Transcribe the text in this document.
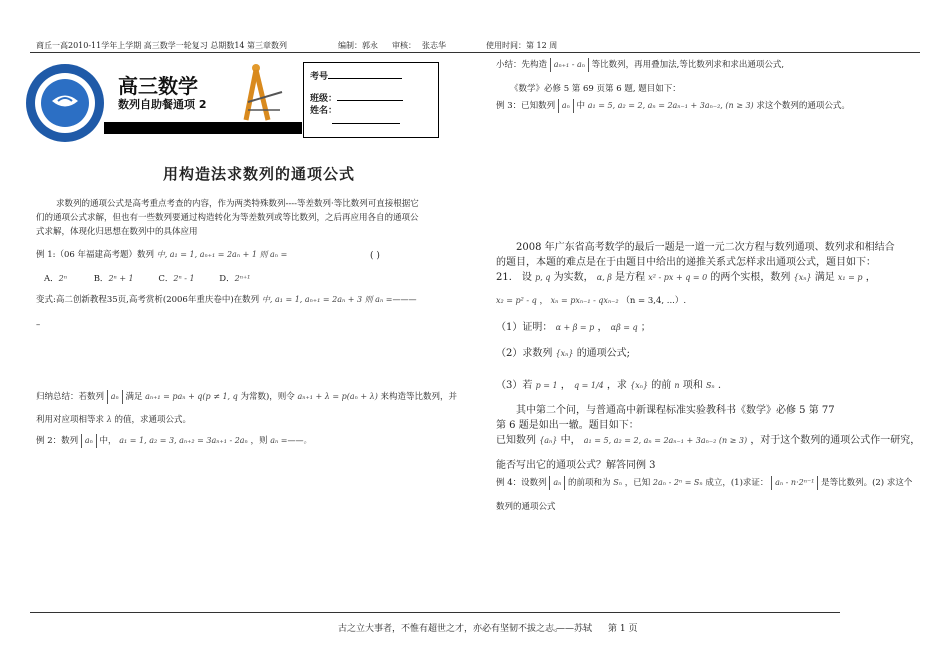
商丘一高2010-11学年上学期 高三数学一轮复习 总期数14 第三章数列	编制：郭永 审核： 张志华	使用时间：第 12 周
高三数学
数列自助餐通项 2
考号
班级：
姓名：
用构造法求数列的通项公式
求数列的通项公式是高考重点考查的内容，作为两类特殊数列----等差数列·等比数列可直接根据它
们的通项公式求解，但也有一些数列要通过构造转化为等差数列或等比数列，之后再应用各自的通项公
式求解，体现化归思想在数列中的具体应用
例 1:（06 年福建高考题）数列 中, a₁ = 1, aₙ₊₁ = 2aₙ + 1 则 aₙ =	( )
A．2ⁿ	B．2ⁿ + 1	C．2ⁿ - 1	D．2ⁿ⁺¹
变式:高二创新教程35页,高考赏析(2006年重庆卷中)在数列 中, a₁ = 1, aₙ₊₁ = 2aₙ + 3 则 aₙ =———
–
归纳总结：若数列 aₙ 满足 aₙ₊₁ = paₙ + q(p ≠ 1, q 为常数)，则令 aₙ₊₁ + λ = p(aₙ + λ) 来构造等比数列，并
利用对应项相等求 λ 的值，求通项公式。
例 2：数列 aₙ 中， a₁ = 1, a₂ = 3, aₙ₊₂ = 3aₙ₊₁ - 2aₙ ，则 aₙ =——。
小结：先构造 aₙ₊₁ - aₙ 等比数列，再用叠加法,等比数列求和求出通项公式,
《数学》必修 5 第 69 页第 6 题, 题目如下：
例 3：已知数列 aₙ 中 a₁ = 5, a₂ = 2, aₙ = 2aₙ₋₁ + 3aₙ₋₂, (n ≥ 3) 求这个数列的通项公式。
2008 年广东省高考数学的最后一题是一道一元二次方程与数列通项、数列求和相结合
的题目，本题的难点是在于由题目中给出的递推关系式怎样求出通项公式，题目如下：
21． 设 p, q 为实数， α, β 是方程 x² - px + q = 0 的两个实根，数列 {xₙ} 满足 x₁ = p ，
x₂ = p² - q ， xₙ = pxₙ₋₁ - qxₙ₋₂ （n = 3,4, ...）.
（1）证明： α + β = p ， αβ = q ；
（2）求数列 {xₙ} 的通项公式;
（3）若 p = 1 ， q = 1/4 ，求 {xₙ} 的前 n 项和 Sₙ .
其中第二个问，与普通高中新课程标准实验教科书《数学》必修 5 第 77
第 6 题是如出一辙。题目如下：
已知数列 {aₙ} 中， a₁ = 5, a₂ = 2, aₙ = 2aₙ₋₁ + 3aₙ₋₂ (n ≥ 3) ，对于这个数列的通项公式作一研究，
能否写出它的通项公式？解答同例 3
例 4：设数列 aₙ 的前项和为 Sₙ ，已知 2aₙ - 2ⁿ = Sₙ 成立，(1)求证： aₙ - n·2ⁿ⁻¹ 是等比数列。(2) 求这个
数列的通项公式
古之立大事者，不惟有超世之才，亦必有坚韧不拔之志。
——苏轼 第 1 页
